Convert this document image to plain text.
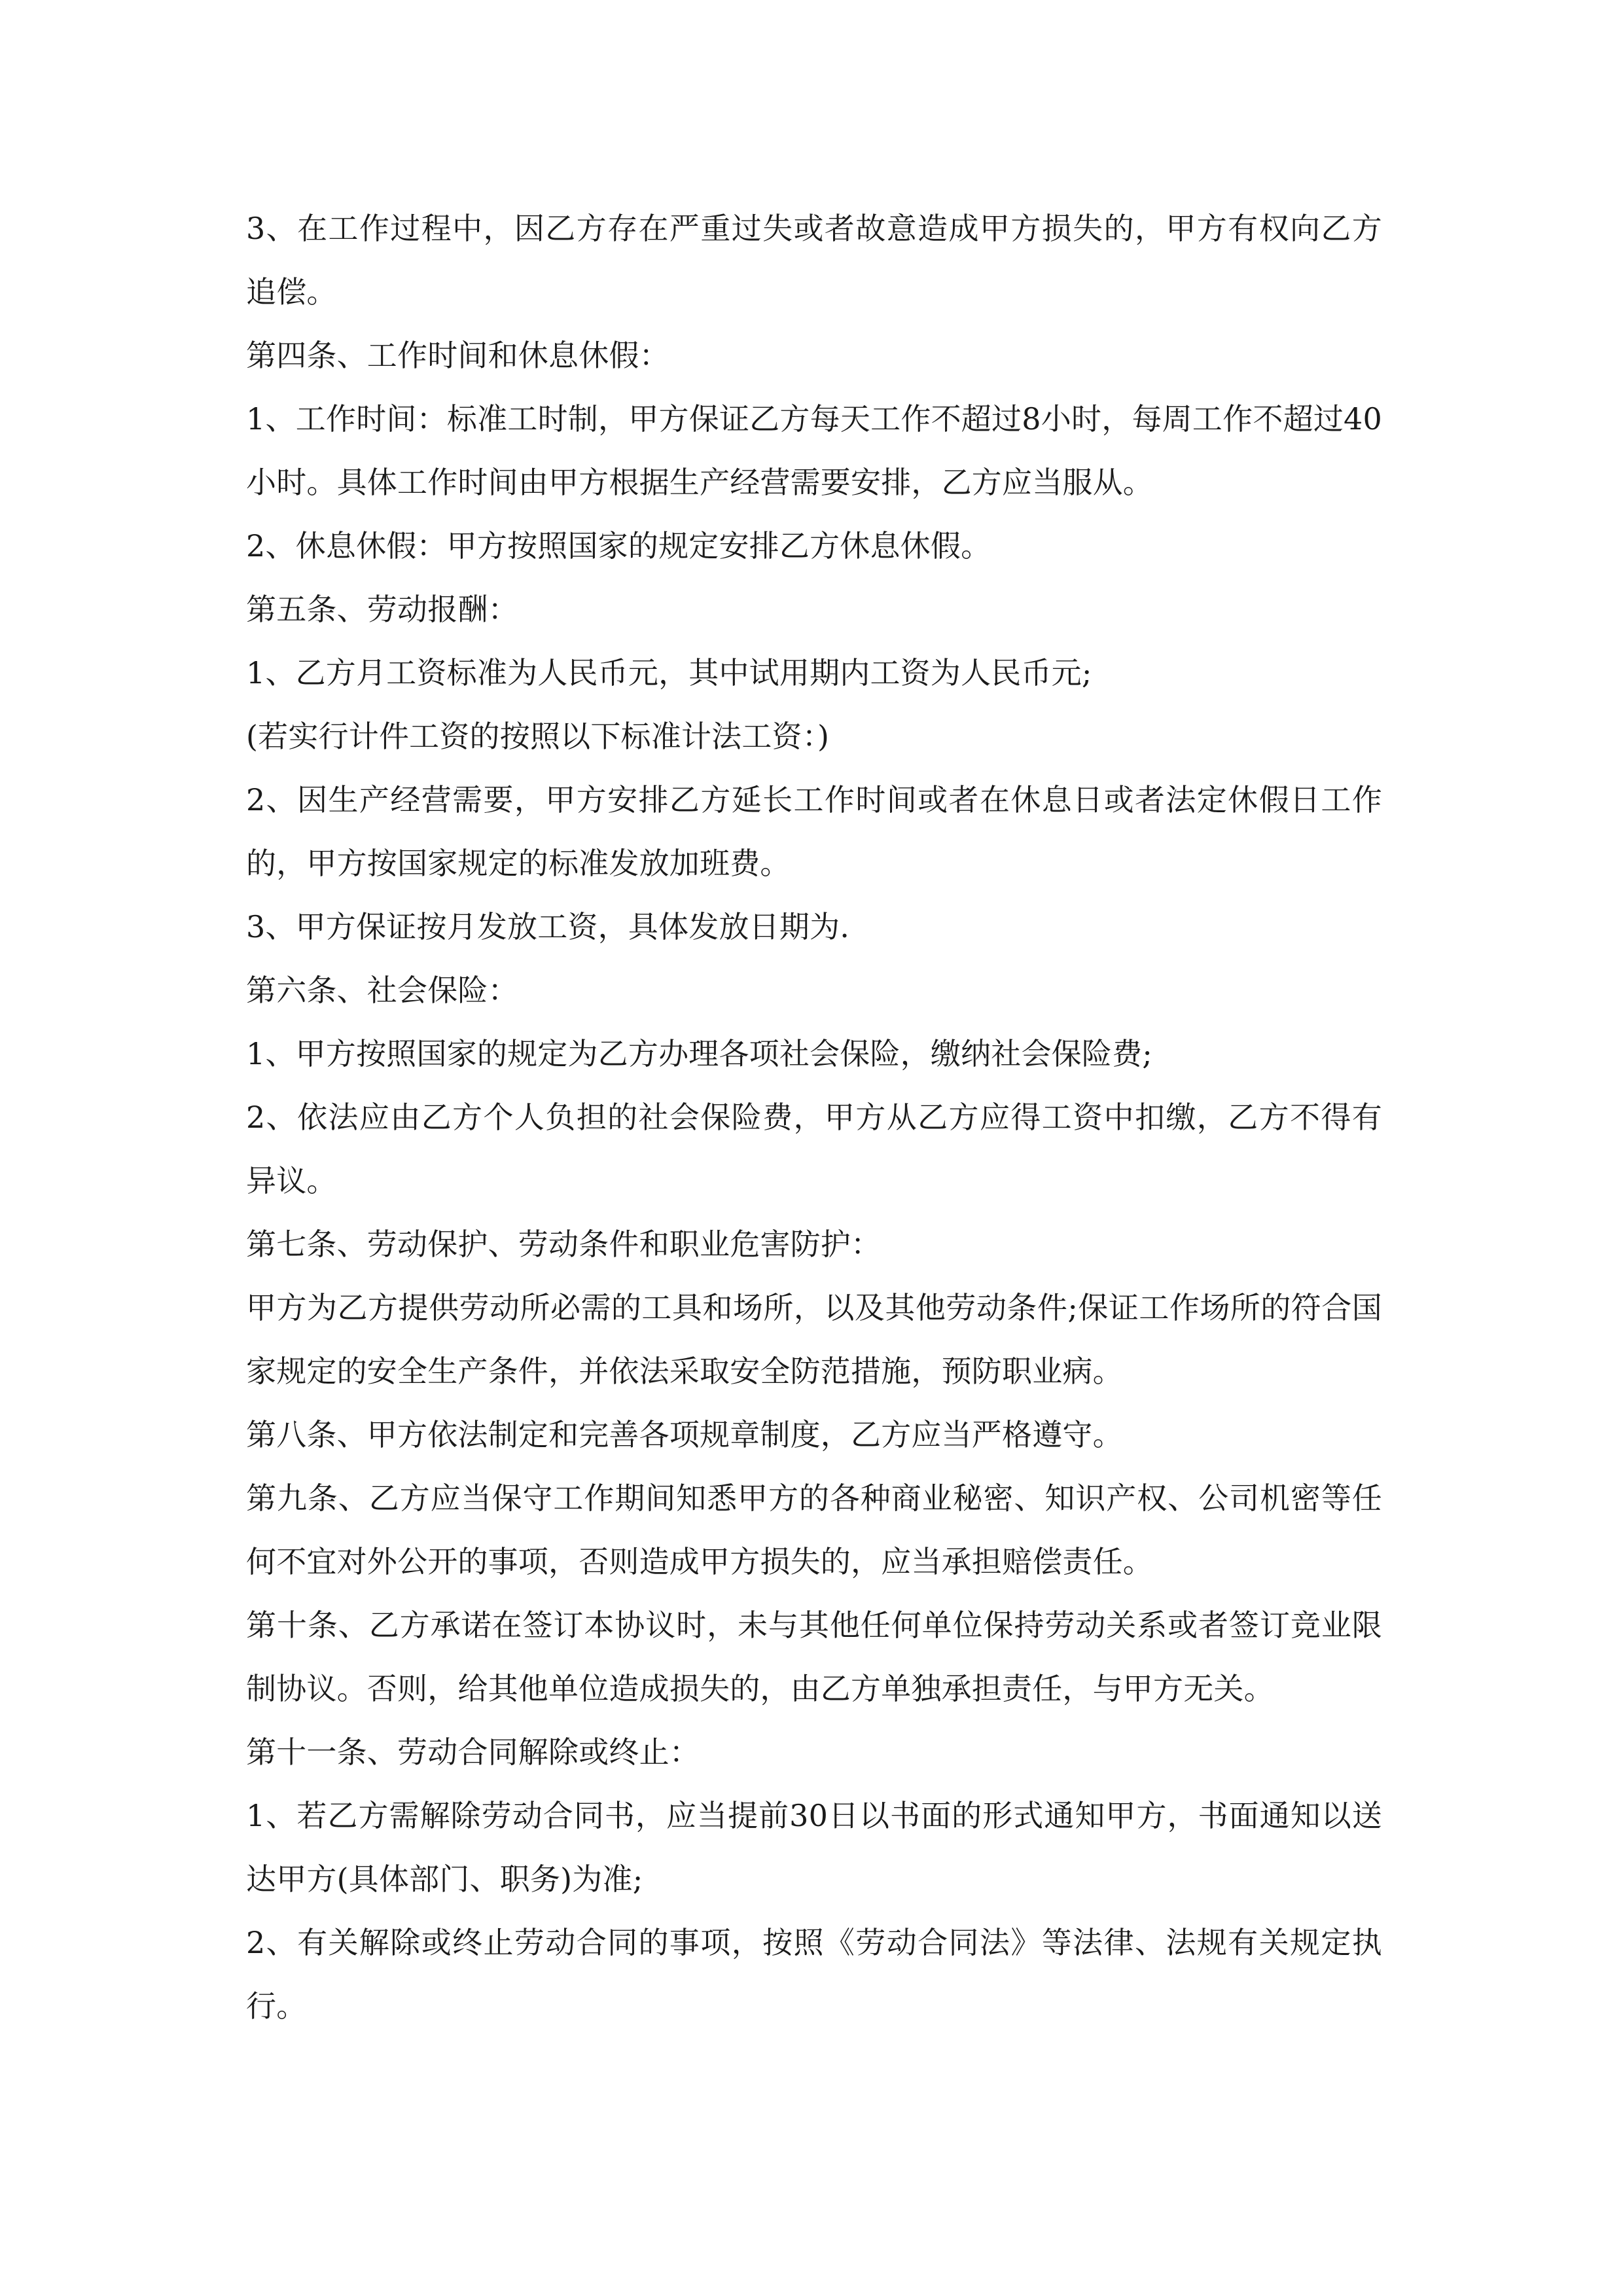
3、在工作过程中，因乙方存在严重过失或者故意造成甲方损失的，甲方有权向乙方追偿。

第四条、工作时间和休息休假：

1、工作时间：标准工时制，甲方保证乙方每天工作不超过8小时，每周工作不超过40小时。具体工作时间由甲方根据生产经营需要安排，乙方应当服从。

2、休息休假：甲方按照国家的规定安排乙方休息休假。

第五条、劳动报酬：

1、乙方月工资标准为人民币元，其中试用期内工资为人民币元;

(若实行计件工资的按照以下标准计法工资：)

2、因生产经营需要，甲方安排乙方延长工作时间或者在休息日或者法定休假日工作的，甲方按国家规定的标准发放加班费。

3、甲方保证按月发放工资，具体发放日期为.

第六条、社会保险：

1、甲方按照国家的规定为乙方办理各项社会保险，缴纳社会保险费;

2、依法应由乙方个人负担的社会保险费，甲方从乙方应得工资中扣缴，乙方不得有异议。

第七条、劳动保护、劳动条件和职业危害防护：

甲方为乙方提供劳动所必需的工具和场所，以及其他劳动条件;保证工作场所的符合国家规定的安全生产条件，并依法采取安全防范措施，预防职业病。

第八条、甲方依法制定和完善各项规章制度，乙方应当严格遵守。

第九条、乙方应当保守工作期间知悉甲方的各种商业秘密、知识产权、公司机密等任何不宜对外公开的事项，否则造成甲方损失的，应当承担赔偿责任。

第十条、乙方承诺在签订本协议时，未与其他任何单位保持劳动关系或者签订竞业限制协议。否则，给其他单位造成损失的，由乙方单独承担责任，与甲方无关。

第十一条、劳动合同解除或终止：

1、若乙方需解除劳动合同书，应当提前30日以书面的形式通知甲方，书面通知以送达甲方(具体部门、职务)为准;

2、有关解除或终止劳动合同的事项，按照《劳动合同法》等法律、法规有关规定执行。
